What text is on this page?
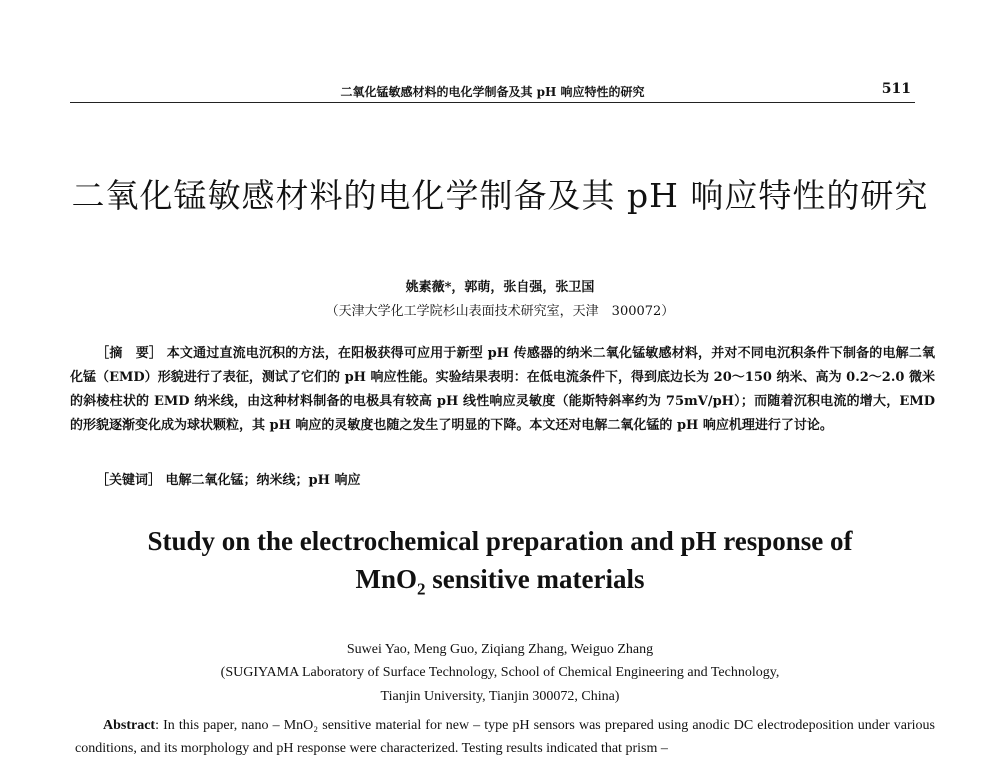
二氧化锰敏感材料的电化学制备及其 pH 响应特性的研究	511
二氧化锰敏感材料的电化学制备及其 pH 响应特性的研究
姚素薇*，郭萌，张自强，张卫国
（天津大学化工学院杉山表面技术研究室，天津　300072）
［摘　要］ 本文通过直流电沉积的方法，在阳极获得可应用于新型 pH 传感器的纳米二氧化锰敏感材料，并对不同电沉积条件下制备的电解二氧化锰（EMD）形貌进行了表征，测试了它们的 pH 响应性能。实验结果表明：在低电流条件下，得到底边长为 20～150 纳米、高为 0.2～2.0 微米的斜棱柱状的 EMD 纳米线，由这种材料制备的电极具有较高 pH 线性响应灵敏度（能斯特斜率约为 75mV/pH）；而随着沉积电流的增大，EMD 的形貌逐渐变化成为球状颗粒，其 pH 响应的灵敏度也随之发生了明显的下降。本文还对电解二氧化锰的 pH 响应机理进行了讨论。
［关键词］ 电解二氧化锰；纳米线；pH 响应
Study on the electrochemical preparation and pH response of
MnO$_2$ sensitive materials
Suwei Yao, Meng Guo, Ziqiang Zhang, Weiguo Zhang
(SUGIYAMA Laboratory of Surface Technology, School of Chemical Engineering and Technology,
Tianjin University, Tianjin 300072, China)
Abstract: In this paper, nano – MnO₂ sensitive material for new – type pH sensors was prepared using anodic DC electrodeposition under various conditions, and its morphology and pH response were characterized. Testing results indicated that prism –
